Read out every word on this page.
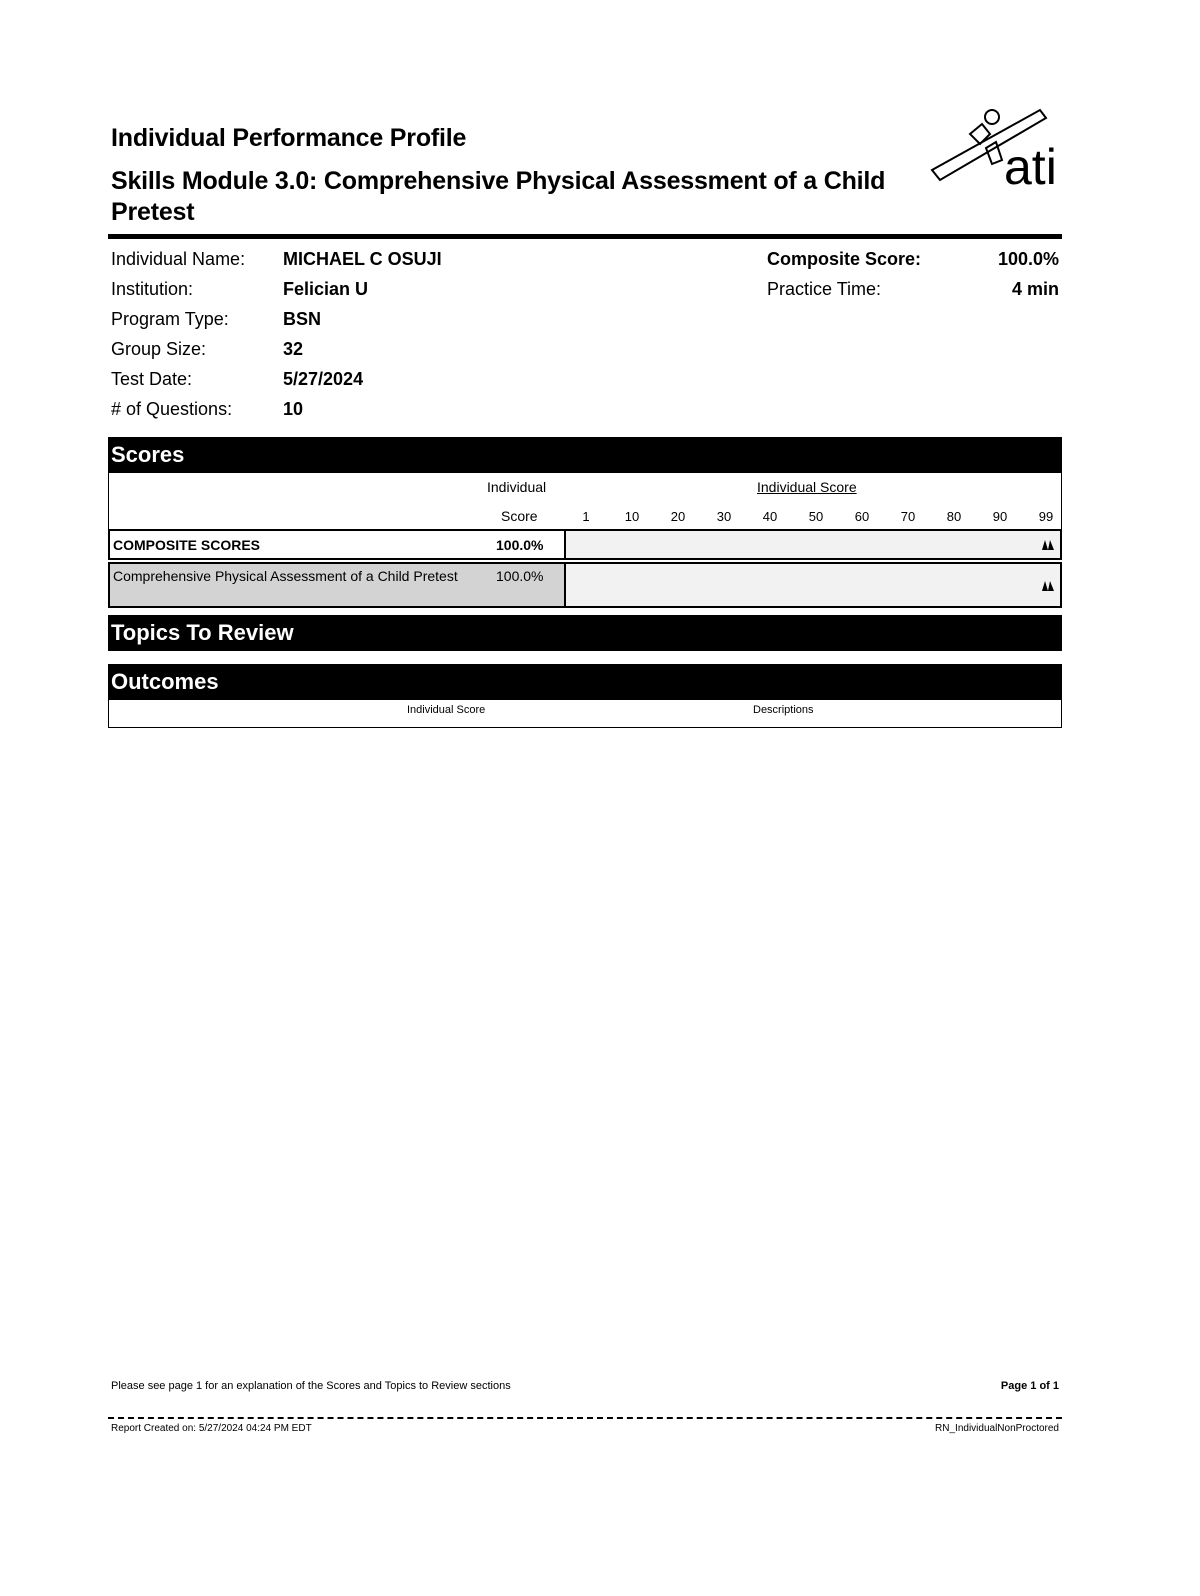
Individual Performance Profile
Skills Module 3.0: Comprehensive Physical Assessment of a Child Pretest
ati
Individual Name:	MICHAEL C OSUJI
Institution:	Felician U
Program Type:	BSN
Group Size:	32
Test Date:	5/27/2024
# of Questions:	10
Composite Score:	100.0%
Practice Time:	4 min
Scores
Individual
Score
Individual Score
1	10 20 30 40 50 60 70 80 90 99
COMPOSITE SCORES	100.0%
Comprehensive Physical Assessment of a Child Pretest	100.0%
Topics To Review
Outcomes
Individual Score	Descriptions
Please see page 1 for an explanation of the Scores and Topics to Review sections	Page 1 of 1
Report Created on: 5/27/2024 04:24 PM EDT	RN_IndividualNonProctored
